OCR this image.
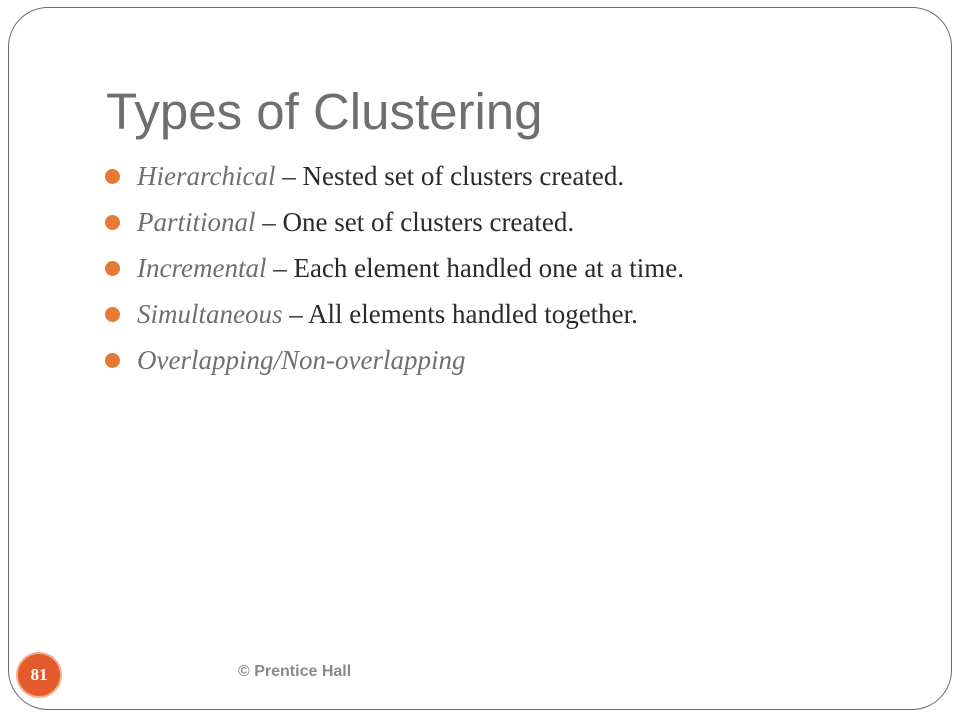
Types of Clustering
Hierarchical – Nested set of clusters created.
Partitional – One set of clusters created.
Incremental – Each element handled one at a time.
Simultaneous – All elements handled together.
Overlapping/Non-overlapping
81	© Prentice Hall
